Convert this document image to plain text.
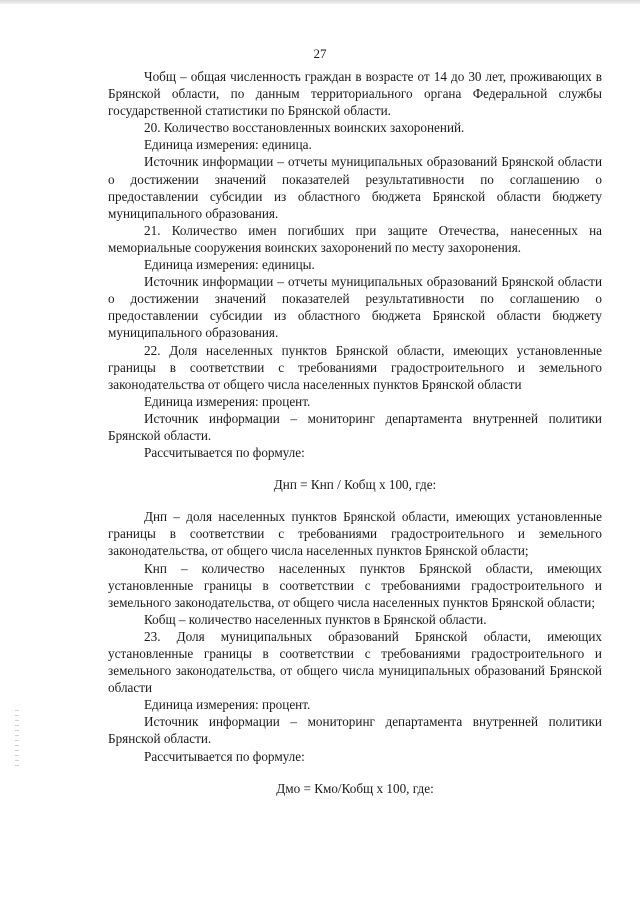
27

Чобщ – общая численность граждан в возрасте от 14 до 30 лет, проживающих в Брянской области, по данным территориального органа Федеральной службы государственной статистики по Брянской области.

20. Количество восстановленных воинских захоронений.

Единица измерения: единица.

Источник информации – отчеты муниципальных образований Брянской области о достижении значений показателей результативности по соглашению о предоставлении субсидии из областного бюджета Брянской области бюджету муниципального образования.

21. Количество имен погибших при защите Отечества, нанесенных на мемориальные сооружения воинских захоронений по месту захоронения.

Единица измерения: единицы.

Источник информации – отчеты муниципальных образований Брянской области о достижении значений показателей результативности по соглашению о предоставлении субсидии из областного бюджета Брянской области бюджету муниципального образования.

22. Доля населенных пунктов Брянской области, имеющих установленные границы в соответствии с требованиями градостроительного и земельного законодательства от общего числа населенных пунктов Брянской области

Единица измерения: процент.

Источник информации – мониторинг департамента внутренней политики Брянской области.

Рассчитывается по формуле:

Днп = Кнп / Кобщ х 100, где:

Днп – доля населенных пунктов Брянской области, имеющих установленные границы в соответствии с требованиями градостроительного и земельного законодательства, от общего числа населенных пунктов Брянской области;

Кнп – количество населенных пунктов Брянской области, имеющих установленные границы в соответствии с требованиями градостроительного и земельного законодательства, от общего числа населенных пунктов Брянской области;

Кобщ – количество населенных пунктов в Брянской области.

23. Доля муниципальных образований Брянской области, имеющих установленные границы в соответствии с требованиями градостроительного и земельного законодательства, от общего числа муниципальных образований Брянской области

Единица измерения: процент.

Источник информации – мониторинг департамента внутренней политики Брянской области.

Рассчитывается по формуле:

Дмо = Кмо/Кобщ х 100, где:
